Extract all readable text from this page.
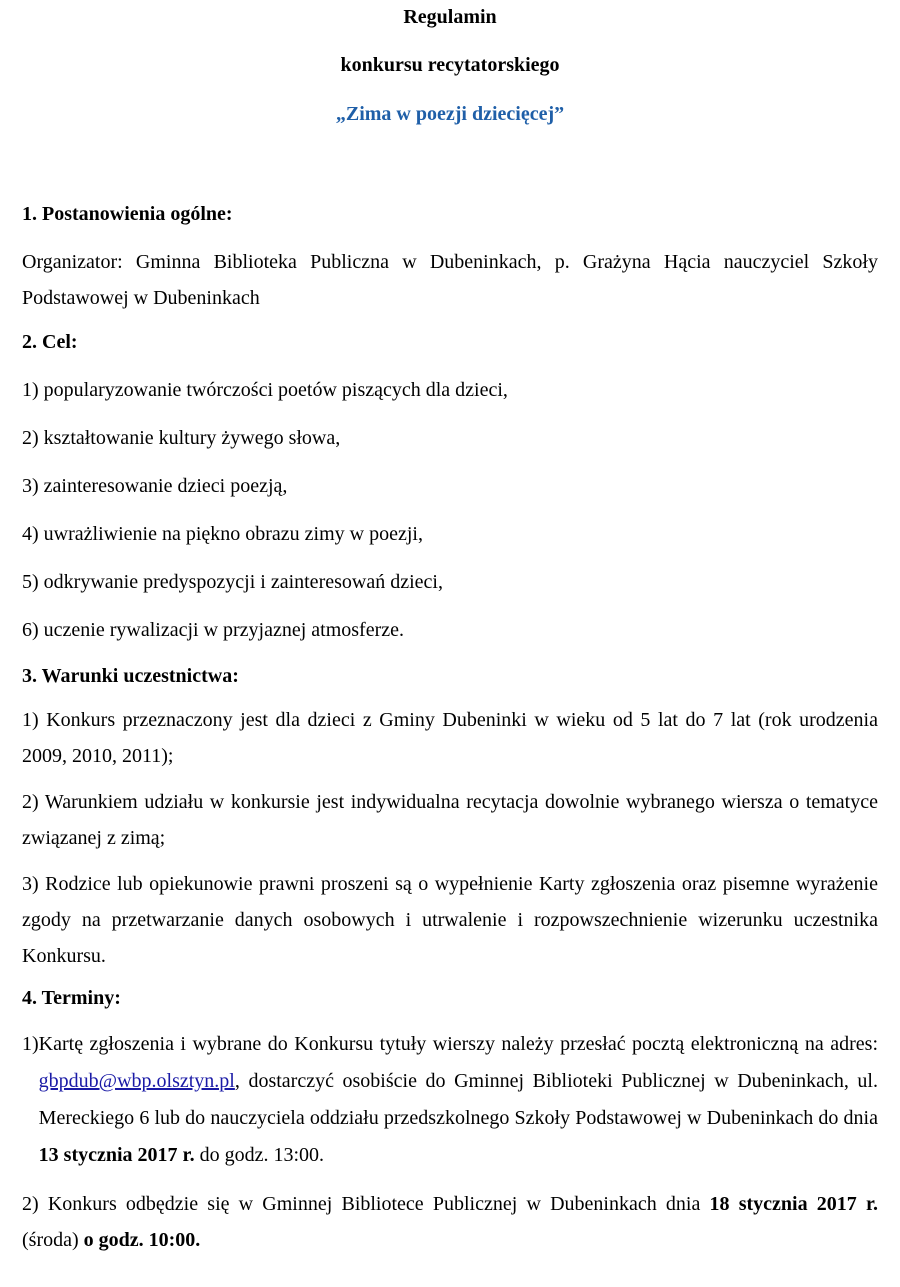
Regulamin

konkursu recytatorskiego

„Zima w poezji dziecięcej”

1. Postanowienia ogólne:

Organizator: Gminna Biblioteka Publiczna w Dubeninkach, p. Grażyna Hącia nauczyciel Szkoły Podstawowej w Dubeninkach

2. Cel:

1) popularyzowanie twórczości poetów piszących dla dzieci,

2) kształtowanie kultury żywego słowa,

3) zainteresowanie dzieci poezją,

4) uwrażliwienie na piękno obrazu zimy w poezji,

5) odkrywanie predyspozycji i zainteresowań dzieci,

6) uczenie rywalizacji w przyjaznej atmosferze.

3. Warunki uczestnictwa:

1) Konkurs przeznaczony jest dla dzieci z Gminy Dubeninki w wieku od 5 lat do 7 lat (rok urodzenia 2009, 2010, 2011);

2) Warunkiem udziału w konkursie jest indywidualna recytacja dowolnie wybranego wiersza o tematyce związanej z zimą;

3) Rodzice lub opiekunowie prawni proszeni są o wypełnienie Karty zgłoszenia oraz pisemne wyrażenie zgody na przetwarzanie danych osobowych i utrwalenie i rozpowszechnienie wizerunku uczestnika Konkursu.

4. Terminy:

1) Kartę zgłoszenia i wybrane do Konkursu tytuły wierszy należy przesłać pocztą elektroniczną na adres: gbpdub@wbp.olsztyn.pl, dostarczyć osobiście do Gminnej Biblioteki Publicznej w Dubeninkach, ul. Mereckiego 6 lub do nauczyciela oddziału przedszkolnego Szkoły Podstawowej w Dubeninkach do dnia 13 stycznia 2017 r. do godz. 13:00.

2) Konkurs odbędzie się w Gminnej Bibliotece Publicznej w Dubeninkach dnia 18 stycznia 2017 r. (środa) o godz. 10:00.
